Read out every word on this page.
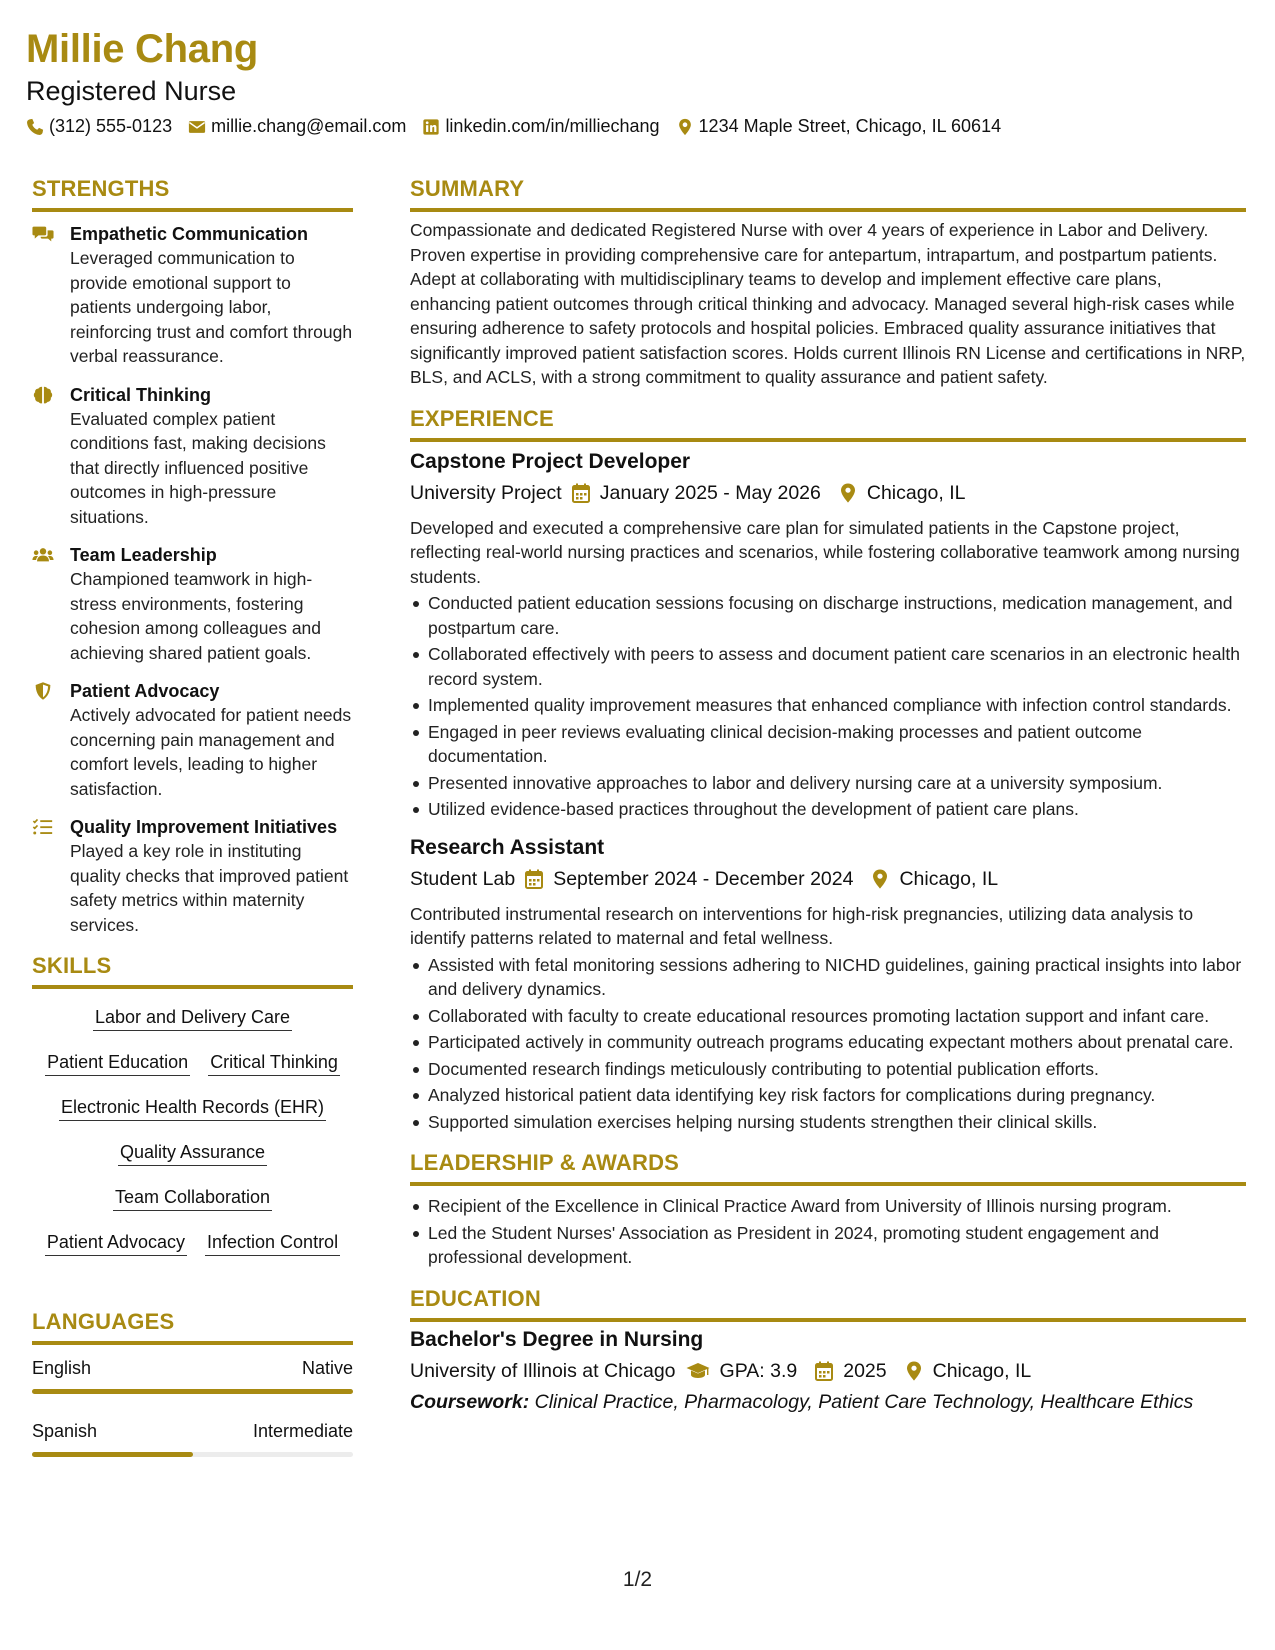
Millie Chang
Registered Nurse
(312) 555-0123 millie.chang@email.com linkedin.com/in/milliechang 1234 Maple Street, Chicago, IL 60614
STRENGTHS
Empathetic Communication
Leveraged communication to provide emotional support to patients undergoing labor, reinforcing trust and comfort through verbal reassurance.
Critical Thinking
Evaluated complex patient conditions fast, making decisions that directly influenced positive outcomes in high-pressure situations.
Team Leadership
Championed teamwork in high-stress environments, fostering cohesion among colleagues and achieving shared patient goals.
Patient Advocacy
Actively advocated for patient needs concerning pain management and comfort levels, leading to higher satisfaction.
Quality Improvement Initiatives
Played a key role in instituting quality checks that improved patient safety metrics within maternity services.
SKILLS
Labor and Delivery Care
Patient Education Critical Thinking
Electronic Health Records (EHR)
Quality Assurance
Team Collaboration
Patient Advocacy Infection Control
LANGUAGES
English	Native
Spanish	Intermediate
SUMMARY
Compassionate and dedicated Registered Nurse with over 4 years of experience in Labor and Delivery. Proven expertise in providing comprehensive care for antepartum, intrapartum, and postpartum patients. Adept at collaborating with multidisciplinary teams to develop and implement effective care plans, enhancing patient outcomes through critical thinking and advocacy. Managed several high-risk cases while ensuring adherence to safety protocols and hospital policies. Embraced quality assurance initiatives that significantly improved patient satisfaction scores. Holds current Illinois RN License and certifications in NRP, BLS, and ACLS, with a strong commitment to quality assurance and patient safety.
EXPERIENCE
Capstone Project Developer
University Project January 2025 - May 2026 Chicago, IL
Developed and executed a comprehensive care plan for simulated patients in the Capstone project, reflecting real-world nursing practices and scenarios, while fostering collaborative teamwork among nursing students.
Conducted patient education sessions focusing on discharge instructions, medication management, and postpartum care.
Collaborated effectively with peers to assess and document patient care scenarios in an electronic health record system.
Implemented quality improvement measures that enhanced compliance with infection control standards.
Engaged in peer reviews evaluating clinical decision-making processes and patient outcome documentation.
Presented innovative approaches to labor and delivery nursing care at a university symposium.
Utilized evidence-based practices throughout the development of patient care plans.
Research Assistant
Student Lab September 2024 - December 2024 Chicago, IL
Contributed instrumental research on interventions for high-risk pregnancies, utilizing data analysis to identify patterns related to maternal and fetal wellness.
Assisted with fetal monitoring sessions adhering to NICHD guidelines, gaining practical insights into labor and delivery dynamics.
Collaborated with faculty to create educational resources promoting lactation support and infant care.
Participated actively in community outreach programs educating expectant mothers about prenatal care.
Documented research findings meticulously contributing to potential publication efforts.
Analyzed historical patient data identifying key risk factors for complications during pregnancy.
Supported simulation exercises helping nursing students strengthen their clinical skills.
LEADERSHIP & AWARDS
Recipient of the Excellence in Clinical Practice Award from University of Illinois nursing program.
Led the Student Nurses' Association as President in 2024, promoting student engagement and professional development.
EDUCATION
Bachelor's Degree in Nursing
University of Illinois at Chicago GPA: 3.9 2025 Chicago, IL
Coursework: Clinical Practice, Pharmacology, Patient Care Technology, Healthcare Ethics
1/2
